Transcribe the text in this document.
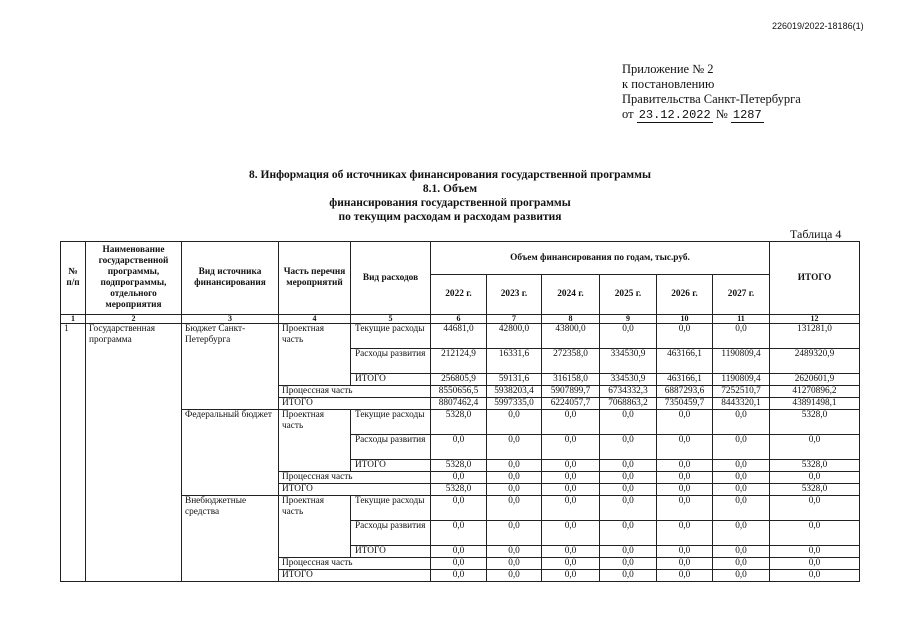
226019/2022-18186(1)
Приложение № 2
к постановлению
Правительства Санкт-Петербурга
от 23.12.2022 № 1287
8. Информация об источниках финансирования государственной программы
8.1. Объем
финансирования государственной программы
по текущим расходам и расходам развития
Таблица 4
№ п/п	Наименование государственной программы, подпрограммы, отдельного мероприятия	Вид источника финансирования	Часть перечня мероприятий	Вид расходов	Объем финансирования по годам, тыс.руб.						ИТОГО
					2022 г.	2023 г.	2024 г.	2025 г.	2026 г.	2027 г.	
1	2	3	4	5	6	7	8	9	10	11	12
1	Государственная программа	Бюджет Санкт-Петербурга	Проектная часть	Текущие расходы	44681,0	42800,0	43800,0	0,0	0,0	0,0	131281,0
				Расходы развития	212124,9	16331,6	272358,0	334530,9	463166,1	1190809,4	2489320,9
				ИТОГО	256805,9	59131,6	316158,0	334530,9	463166,1	1190809,4	2620601,9
			Процессная часть		8550656,5	5938203,4	5907899,7	6734332,3	6887293,6	7252510,7	41270896,2
			ИТОГО		8807462,4	5997335,0	6224057,7	7068863,2	7350459,7	8443320,1	43891498,1
		Федеральный бюджет	Проектная часть	Текущие расходы	5328,0	0,0	0,0	0,0	0,0	0,0	5328,0
				Расходы развития	0,0	0,0	0,0	0,0	0,0	0,0	0,0
				ИТОГО	5328,0	0,0	0,0	0,0	0,0	0,0	5328,0
			Процессная часть		0,0	0,0	0,0	0,0	0,0	0,0	0,0
			ИТОГО		5328,0	0,0	0,0	0,0	0,0	0,0	5328,0
		Внебюджетные средства	Проектная часть	Текущие расходы	0,0	0,0	0,0	0,0	0,0	0,0	0,0
				Расходы развития	0,0	0,0	0,0	0,0	0,0	0,0	0,0
				ИТОГО	0,0	0,0	0,0	0,0	0,0	0,0	0,0
			Процессная часть		0,0	0,0	0,0	0,0	0,0	0,0	0,0
			ИТОГО		0,0	0,0	0,0	0,0	0,0	0,0	0,0
